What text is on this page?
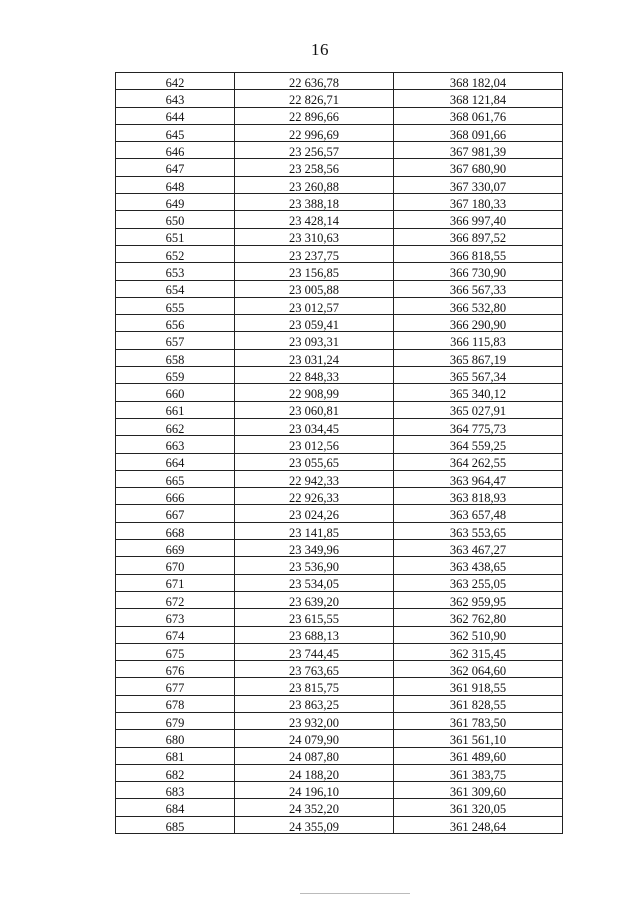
16
642	22 636,78	368 182,04
643	22 826,71	368 121,84
644	22 896,66	368 061,76
645	22 996,69	368 091,66
646	23 256,57	367 981,39
647	23 258,56	367 680,90
648	23 260,88	367 330,07
649	23 388,18	367 180,33
650	23 428,14	366 997,40
651	23 310,63	366 897,52
652	23 237,75	366 818,55
653	23 156,85	366 730,90
654	23 005,88	366 567,33
655	23 012,57	366 532,80
656	23 059,41	366 290,90
657	23 093,31	366 115,83
658	23 031,24	365 867,19
659	22 848,33	365 567,34
660	22 908,99	365 340,12
661	23 060,81	365 027,91
662	23 034,45	364 775,73
663	23 012,56	364 559,25
664	23 055,65	364 262,55
665	22 942,33	363 964,47
666	22 926,33	363 818,93
667	23 024,26	363 657,48
668	23 141,85	363 553,65
669	23 349,96	363 467,27
670	23 536,90	363 438,65
671	23 534,05	363 255,05
672	23 639,20	362 959,95
673	23 615,55	362 762,80
674	23 688,13	362 510,90
675	23 744,45	362 315,45
676	23 763,65	362 064,60
677	23 815,75	361 918,55
678	23 863,25	361 828,55
679	23 932,00	361 783,50
680	24 079,90	361 561,10
681	24 087,80	361 489,60
682	24 188,20	361 383,75
683	24 196,10	361 309,60
684	24 352,20	361 320,05
685	24 355,09	361 248,64
